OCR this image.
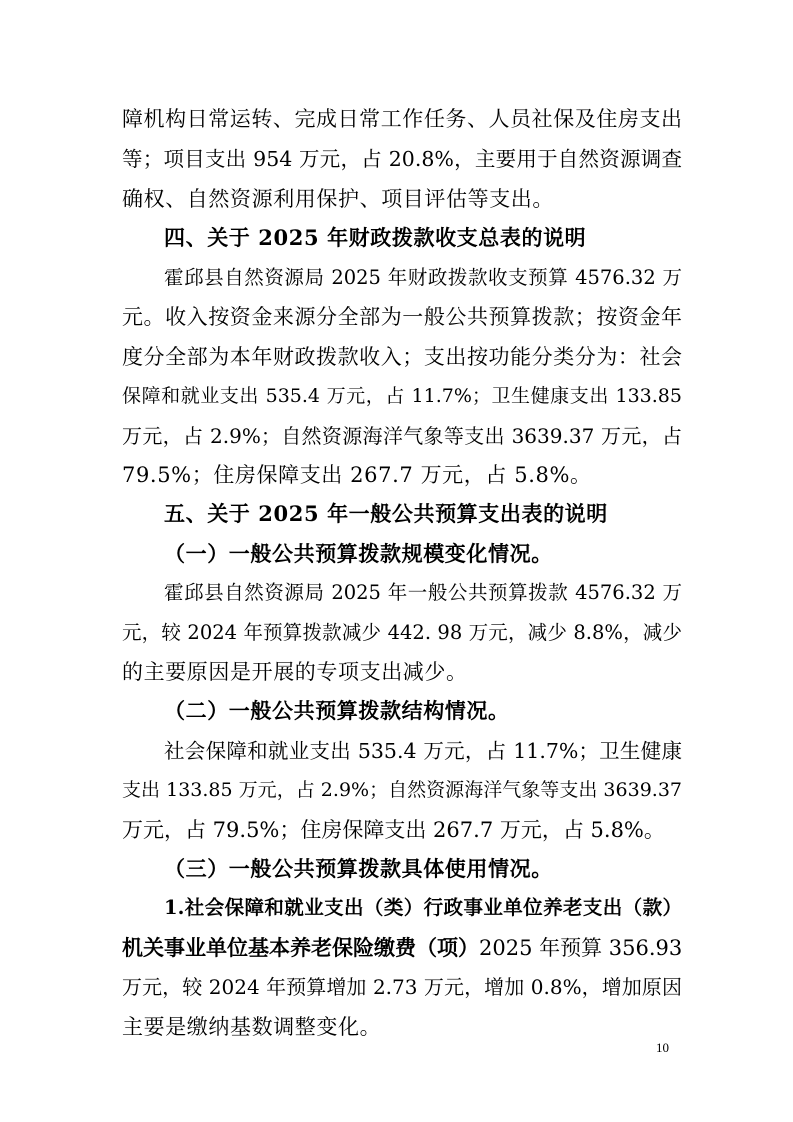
障机构日常运转、完成日常工作任务、人员社保及住房支出
等；项目支出 954 万元，占 20.8%，主要用于自然资源调查
确权、自然资源利用保护、项目评估等支出。
四、关于 2025 年财政拨款收支总表的说明
霍邱县自然资源局 2025 年财政拨款收支预算 4576.32 万
元。收入按资金来源分全部为一般公共预算拨款；按资金年
度分全部为本年财政拨款收入；支出按功能分类分为：社会
保障和就业支出 535.4 万元，占 11.7%；卫生健康支出 133.85
万元，占 2.9%；自然资源海洋气象等支出 3639.37 万元，占
79.5%；住房保障支出 267.7 万元，占 5.8%。
五、关于 2025 年一般公共预算支出表的说明
（一）一般公共预算拨款规模变化情况。
霍邱县自然资源局 2025 年一般公共预算拨款 4576.32 万
元，较 2024 年预算拨款减少 442. 98 万元，减少 8.8%，减少
的主要原因是开展的专项支出减少。
（二）一般公共预算拨款结构情况。
社会保障和就业支出 535.4 万元，占 11.7%；卫生健康
支出 133.85 万元，占 2.9%；自然资源海洋气象等支出 3639.37
万元，占 79.5%；住房保障支出 267.7 万元，占 5.8%。
（三）一般公共预算拨款具体使用情况。
1.社会保障和就业支出（类）行政事业单位养老支出（款）
机关事业单位基本养老保险缴费（项）2025 年预算 356.93
万元，较 2024 年预算增加 2.73 万元，增加 0.8%，增加原因
主要是缴纳基数调整变化。
10
